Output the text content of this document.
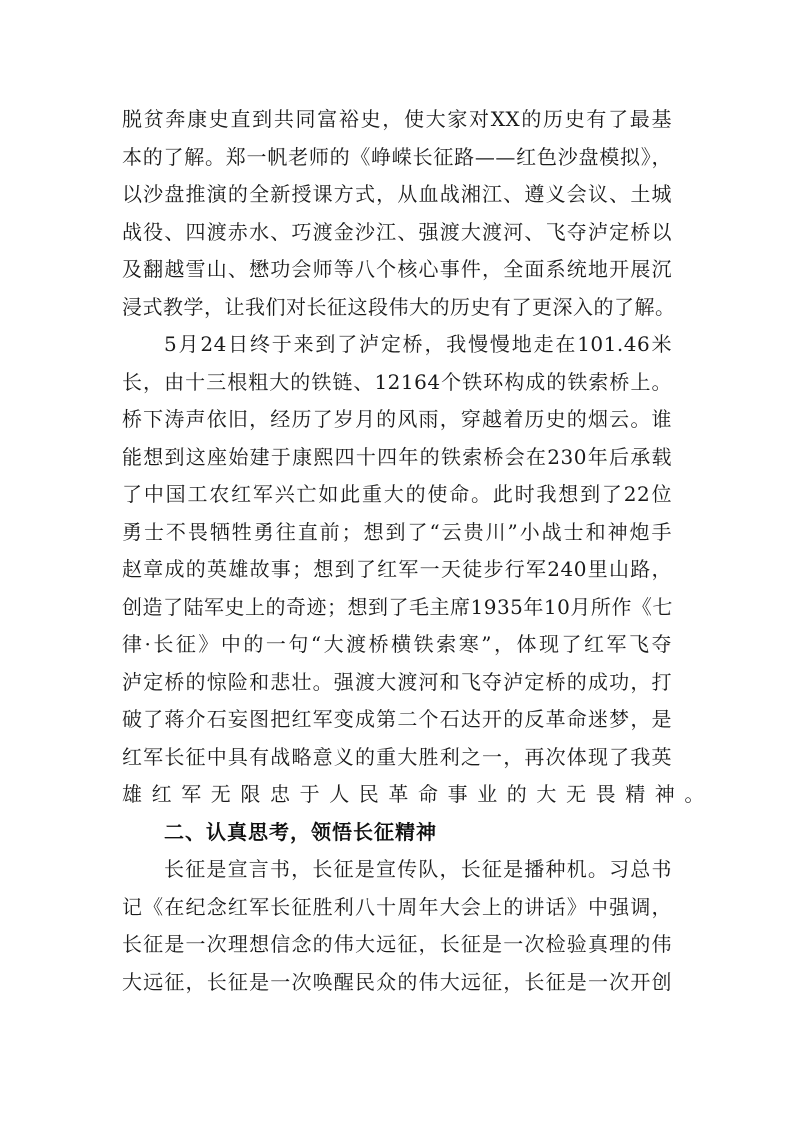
脱贫奔康史直到共同富裕史，使大家对XX的历史有了最基
本的了解。郑一帆老师的《峥嵘长征路——红色沙盘模拟》，
以沙盘推演的全新授课方式，从血战湘江、遵义会议、土城
战役、四渡赤水、巧渡金沙江、强渡大渡河、飞夺泸定桥以
及翻越雪山、懋功会师等八个核心事件，全面系统地开展沉
浸式教学，让我们对长征这段伟大的历史有了更深入的了解。
5月24日终于来到了泸定桥，我慢慢地走在101.46米
长，由十三根粗大的铁链、12164个铁环构成的铁索桥上。
桥下涛声依旧，经历了岁月的风雨，穿越着历史的烟云。谁
能想到这座始建于康熙四十四年的铁索桥会在230年后承载
了中国工农红军兴亡如此重大的使命。此时我想到了22位
勇士不畏牺牲勇往直前；想到了“云贵川”小战士和神炮手
赵章成的英雄故事；想到了红军一天徒步行军240里山路，
创造了陆军史上的奇迹；想到了毛主席1935年10月所作《七
律·长征》中的一句“大渡桥横铁索寒”，体现了红军飞夺
泸定桥的惊险和悲壮。强渡大渡河和飞夺泸定桥的成功，打
破了蒋介石妄图把红军变成第二个石达开的反革命迷梦，是
红军长征中具有战略意义的重大胜利之一，再次体现了我英
雄红军无限忠于人民革命事业的大无畏精神。
二、认真思考，领悟长征精神
长征是宣言书，长征是宣传队，长征是播种机。习总书
记《在纪念红军长征胜利八十周年大会上的讲话》中强调，
长征是一次理想信念的伟大远征，长征是一次检验真理的伟
大远征，长征是一次唤醒民众的伟大远征，长征是一次开创
